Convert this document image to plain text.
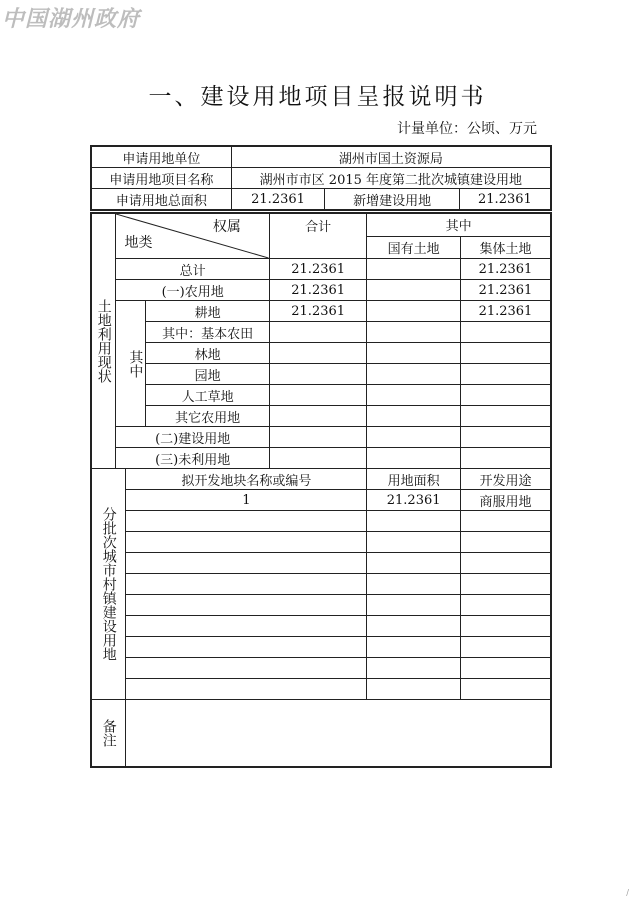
中国湖州政府
一、建设用地项目呈报说明书
计量单位：公顷、万元
申请用地单位	湖州市国土资源局		
申请用地项目名称	湖州市市区 2015 年度第二批次城镇建设用地		
申请用地总面积	21.2361	新增建设用地	21.2361
土地利用现状	权属
地类			合计	其中	
					国有土地	集体土地
	总计			21.2361		21.2361
	(一)农用地			21.2361		21.2361
	其中		耕地	21.2361		21.2361
			其中：基本农田			
			林地			
			园地			
			人工草地			
			其它农用地			
	(二)建设用地					
	(三)未利用地					
分批次城市村镇建设用地		拟开发地块名称或编号			用地面积	开发用途
		1			21.2361	商服用地

备注						
/
